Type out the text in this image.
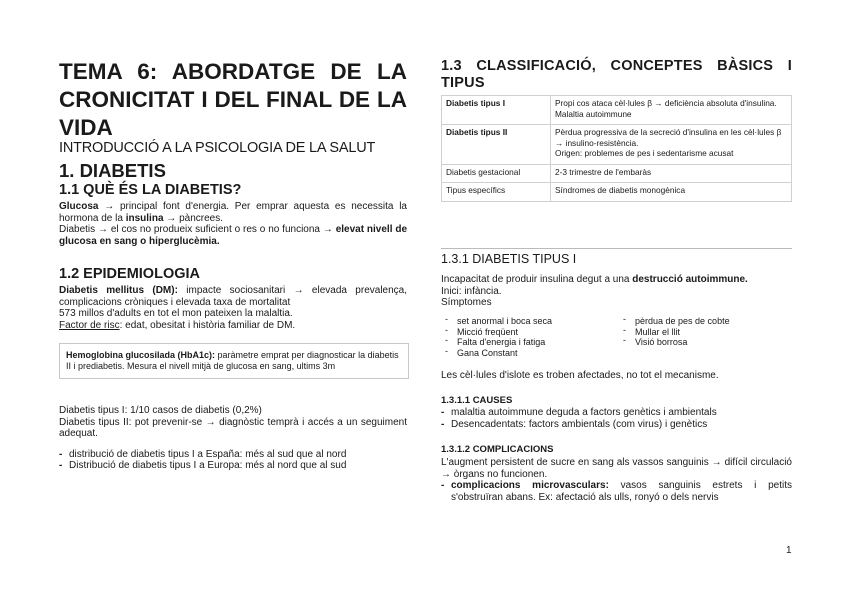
TEMA 6: ABORDATGE DE LA CRONICITAT I DEL FINAL DE LA VIDA
INTRODUCCIÓ A LA PSICOLOGIA DE LA SALUT
1. DIABETIS
1.1 QUÈ ÉS LA DIABETIS?

Glucosa → principal font d'energia. Per emprar aquesta es necessita la hormona de la insulina → pàncrees.

Diabetis → el cos no produeix suficient o res o no funciona → elevat nivell de glucosa en sang o hiperglucèmia.

1.2 EPIDEMIOLOGIA

Diabetis mellitus (DM): impacte sociosanitari → elevada prevalença, complicacions cròniques i elevada taxa de mortalitat

573 millos d'adults en tot el mon pateixen la malaltia.

Factor de risc: edat, obesitat i història familiar de DM.

Hemoglobina glucosilada (HbA1c): paràmetre emprat per diagnosticar la diabetis II i prediabetis. Mesura el nivell mitjà de glucosa en sang, ultims 3m

Diabetis tipus I: 1/10 casos de diabetis (0,2%)

Diabetis tipus II: pot prevenir-se → diagnòstic temprà i accés a un seguiment adequat.

- distribució de diabetis tipus I a España: més al sud que al nord
- Distribució de diabetis tipus I a Europa: més al nord que al sud
1.3 CLASSIFICACIÓ, CONCEPTES BÀSICS I TIPUS
Diabetis tipus I	Propi cos ataca cèl·lules β → deficiència absoluta d'insulina.
Malaltia autoimmune
Diabetis tipus II	Pèrdua progressiva de la secreció d'insulina en les cèl·lules β → insulino-resistència.
Origen: problemes de pes i sedentarisme acusat
Diabetis gestacional	2-3 trimestre de l'embaràs
Tipus específics	Síndromes de diabetis monogènica
1.3.1 DIABETIS TIPUS I

Incapacitat de produir insulina degut a una destrucció autoimmune.

Inici: infància.

Símptomes

- set anormal i boca seca
- Micció freqüent
- Falta d'energia i fatiga
- Gana Constant
- pèrdua de pes de cobte
- Mullar el llit
- Visió borrosa

Les cèl·lules d'islote es troben afectades, no tot el mecanisme.

1.3.1.1 CAUSES
- malaltia autoimmune deguda a factors genètics i ambientals
- Desencadentats: factors ambientals (com virus) i genètics
1.3.1.2 COMPLICACIONS

L'augment persistent de sucre en sang als vassos sanguinis → difícil circulació → òrgans no funcionen.

- complicacions microvasculars: vasos sanguinis estrets i petits s'obstruïran abans. Ex: afectació als ulls, ronyó o dels nervis
1
